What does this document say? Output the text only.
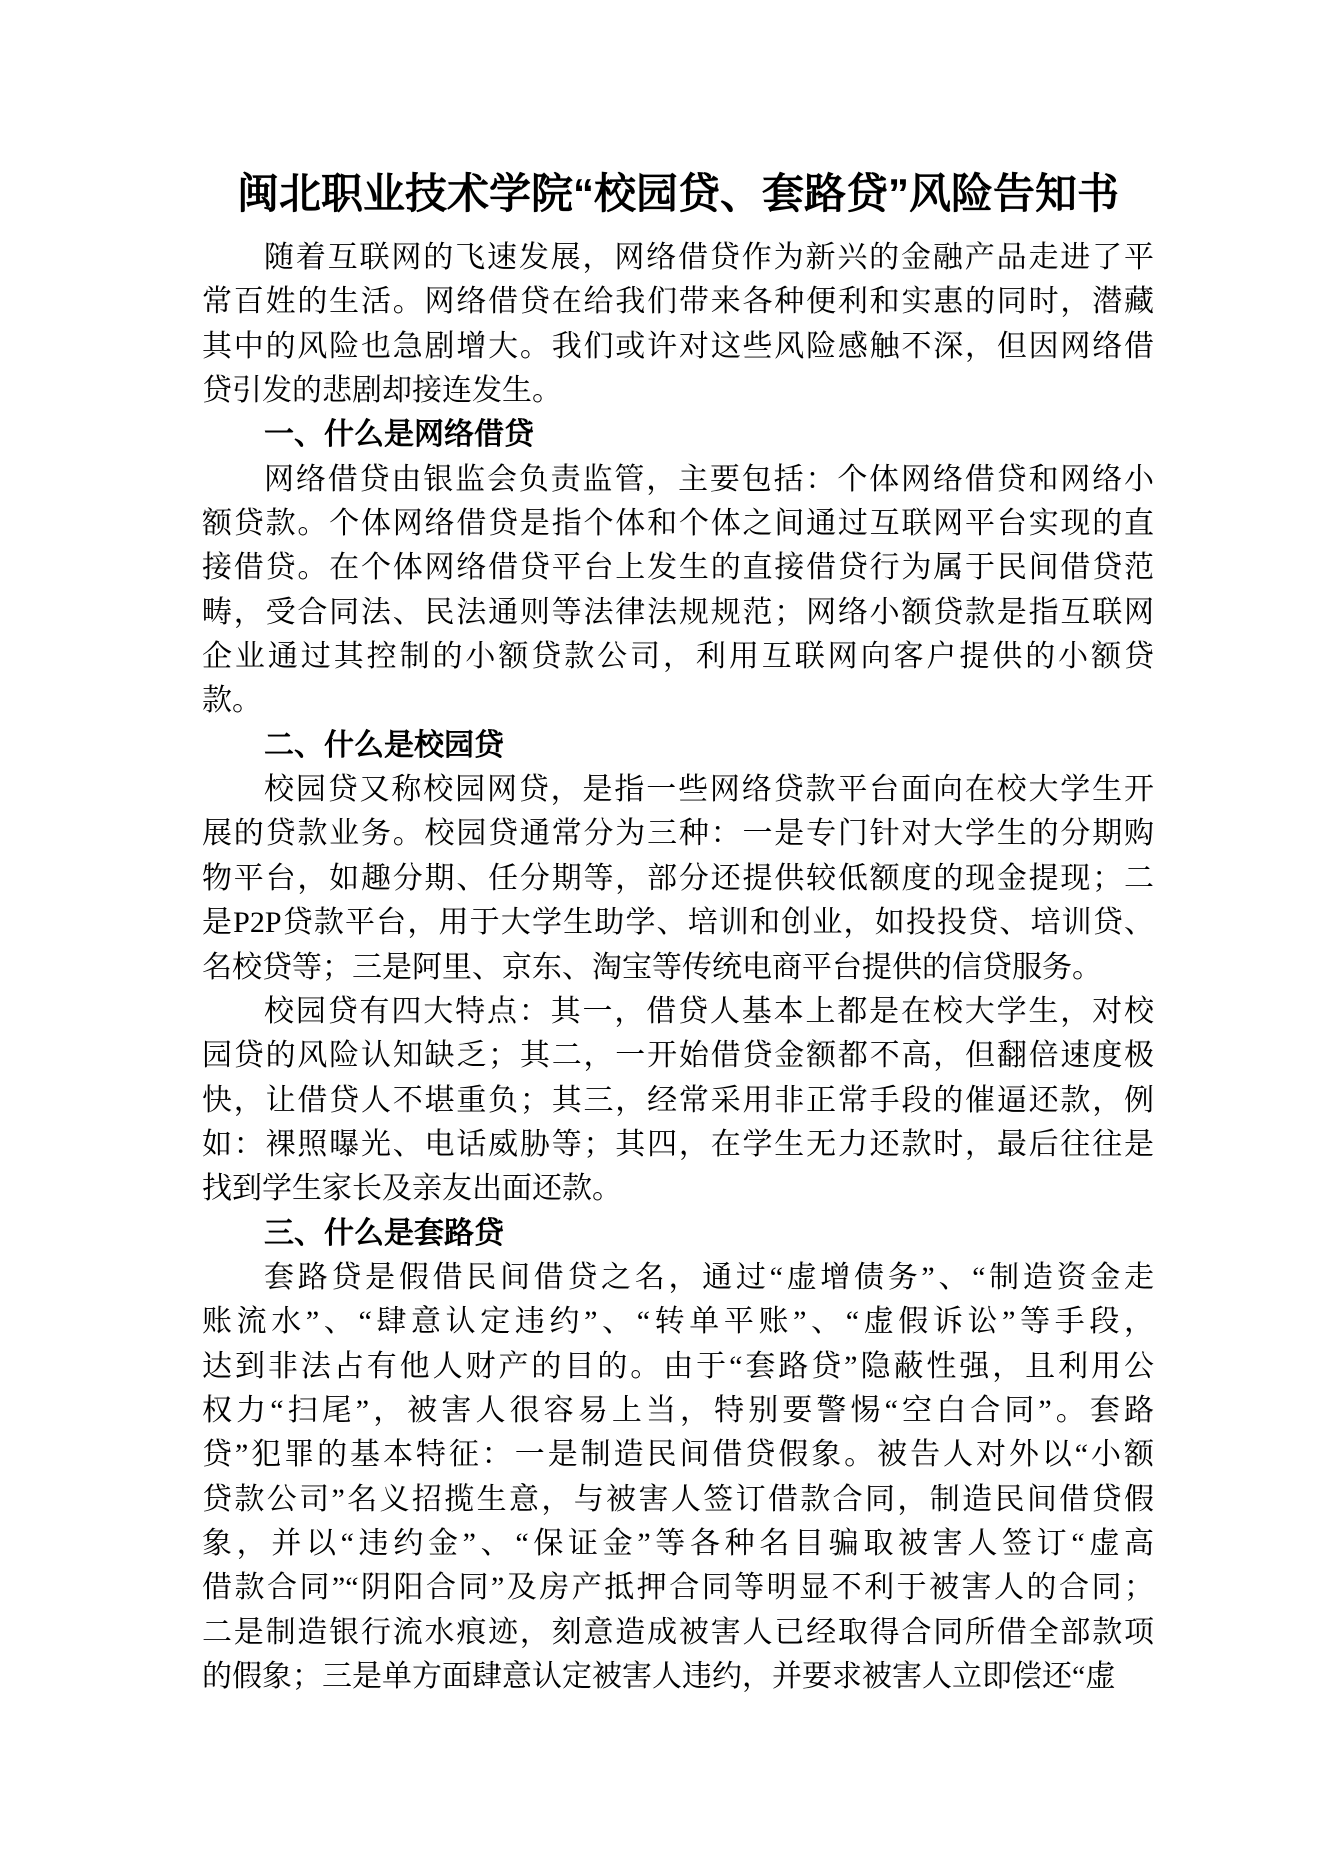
闽北职业技术学院“校园贷、套路贷”风险告知书
随着互联网的飞速发展，网络借贷作为新兴的金融产品走进了平
常百姓的生活。网络借贷在给我们带来各种便利和实惠的同时，潜藏
其中的风险也急剧增大。我们或许对这些风险感触不深，但因网络借
贷引发的悲剧却接连发生。
一、什么是网络借贷
网络借贷由银监会负责监管，主要包括：个体网络借贷和网络小
额贷款。个体网络借贷是指个体和个体之间通过互联网平台实现的直
接借贷。在个体网络借贷平台上发生的直接借贷行为属于民间借贷范
畴，受合同法、民法通则等法律法规规范；网络小额贷款是指互联网
企业通过其控制的小额贷款公司，利用互联网向客户提供的小额贷
款。
二、什么是校园贷
校园贷又称校园网贷，是指一些网络贷款平台面向在校大学生开
展的贷款业务。校园贷通常分为三种：一是专门针对大学生的分期购
物平台，如趣分期、任分期等，部分还提供较低额度的现金提现；二
是P2P贷款平台，用于大学生助学、培训和创业，如投投贷、培训贷、
名校贷等；三是阿里、京东、淘宝等传统电商平台提供的信贷服务。
校园贷有四大特点：其一，借贷人基本上都是在校大学生，对校
园贷的风险认知缺乏；其二，一开始借贷金额都不高，但翻倍速度极
快，让借贷人不堪重负；其三，经常采用非正常手段的催逼还款，例
如：裸照曝光、电话威胁等；其四，在学生无力还款时，最后往往是
找到学生家长及亲友出面还款。
三、什么是套路贷
套路贷是假借民间借贷之名，通过“虚增债务”、“制造资金走
账流水”、“肆意认定违约”、“转单平账”、“虚假诉讼”等手段，
达到非法占有他人财产的目的。由于“套路贷”隐蔽性强，且利用公
权力“扫尾”，被害人很容易上当，特别要警惕“空白合同”。套路
贷”犯罪的基本特征：一是制造民间借贷假象。被告人对外以“小额
贷款公司”名义招揽生意，与被害人签订借款合同，制造民间借贷假
象，并以“违约金”、“保证金”等各种名目骗取被害人签订“虚高
借款合同”“阴阳合同”及房产抵押合同等明显不利于被害人的合同；
二是制造银行流水痕迹，刻意造成被害人已经取得合同所借全部款项
的假象；三是单方面肆意认定被害人违约，并要求被害人立即偿还“虚
